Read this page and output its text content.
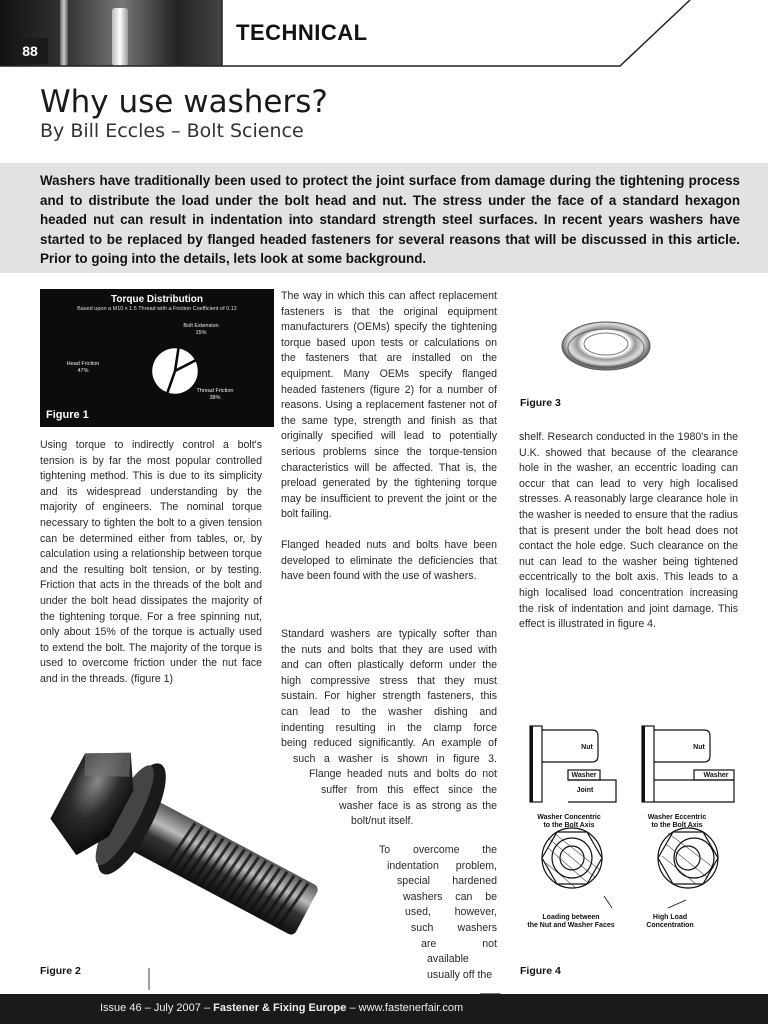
88
TECHNICAL
Why use washers?
By Bill Eccles – Bolt Science

Washers have traditionally been used to protect the joint surface from damage during the tightening process and to distribute the load under the bolt head and nut. The stress under the face of a standard hexagon headed nut can result in indentation into standard strength steel surfaces. In recent years washers have started to be replaced by flanged headed fasteners for several reasons that will be discussed in this article. Prior to going into the details, lets look at some background.

Torque Distribution
Based upon a M10 x 1.5 Thread with a Friction Coefficient of 0.12
Bolt Extension
15%
Head Friction
47%
Thread Friction
38%
Figure 1

Using torque to indirectly control a bolt's tension is by far the most popular controlled tightening method. This is due to its simplicity and its widespread understanding by the majority of engineers. The nominal torque necessary to tighten the bolt to a given tension can be determined either from tables, or, by calculation using a relationship between torque and the resulting bolt tension, or by testing. Friction that acts in the threads of the bolt and under the bolt head dissipates the majority of the tightening torque. For a free spinning nut, only about 15% of the torque is actually used to extend the bolt. The majority of the torque is used to overcome friction under the nut face and in the threads. (figure 1)

Figure 2

The way in which this can affect replacement fasteners is that the original equipment manufacturers (OEMs) specify the tightening torque based upon tests or calculations on the fasteners that are installed on the equipment. Many OEMs specify flanged headed fasteners (figure 2) for a number of reasons. Using a replacement fastener not of the same type, strength and finish as that originally specified will lead to potentially serious problems since the torque-tension characteristics will be affected. That is, the preload generated by the tightening torque may be insufficient to prevent the joint or the bolt failing.

Flanged headed nuts and bolts have been developed to eliminate the deficiencies that have been found with the use of washers.

Standard washers are typically softer than
the nuts and bolts that they are used with
and can often plastically deform under the
high compressive stress that they must
sustain. For higher strength fasteners, this
can lead to the washer dishing and
indenting resulting in the clamp force
being reduced significantly. An example of
such a washer is shown in figure 3.
Flange headed nuts and bolts do not
suffer from this effect since the
washer face is as strong as the
bolt/nut itself.
To overcome the
indentation problem,
special hardened
washers can be
used, however,
such washers
are not
available
usually off the
Figure 3

shelf. Research conducted in the 1980's in the U.K. showed that because of the clearance hole in the washer, an eccentric loading can occur that can lead to very high localised stresses. A reasonably large clearance hole in the washer is needed to ensure that the radius that is present under the bolt head does not contact the hole edge. Such clearance on the nut can lead to the washer being tightened eccentrically to the bolt axis. This leads to a high localised load concentration increasing the risk of indentation and joint damage. This effect is illustrated in figure 4.

Nut	Nut
Washer	Washer
Joint
Washer Concentric
to the Bolt Axis
Washer Eccentric
to the Bolt Axis
Loading between
the Nut and Washer Faces
High Load
Concentration
Figure 4
Issue 46 – July 2007 – Fastener & Fixing Europe – www.fastenerfair.com
